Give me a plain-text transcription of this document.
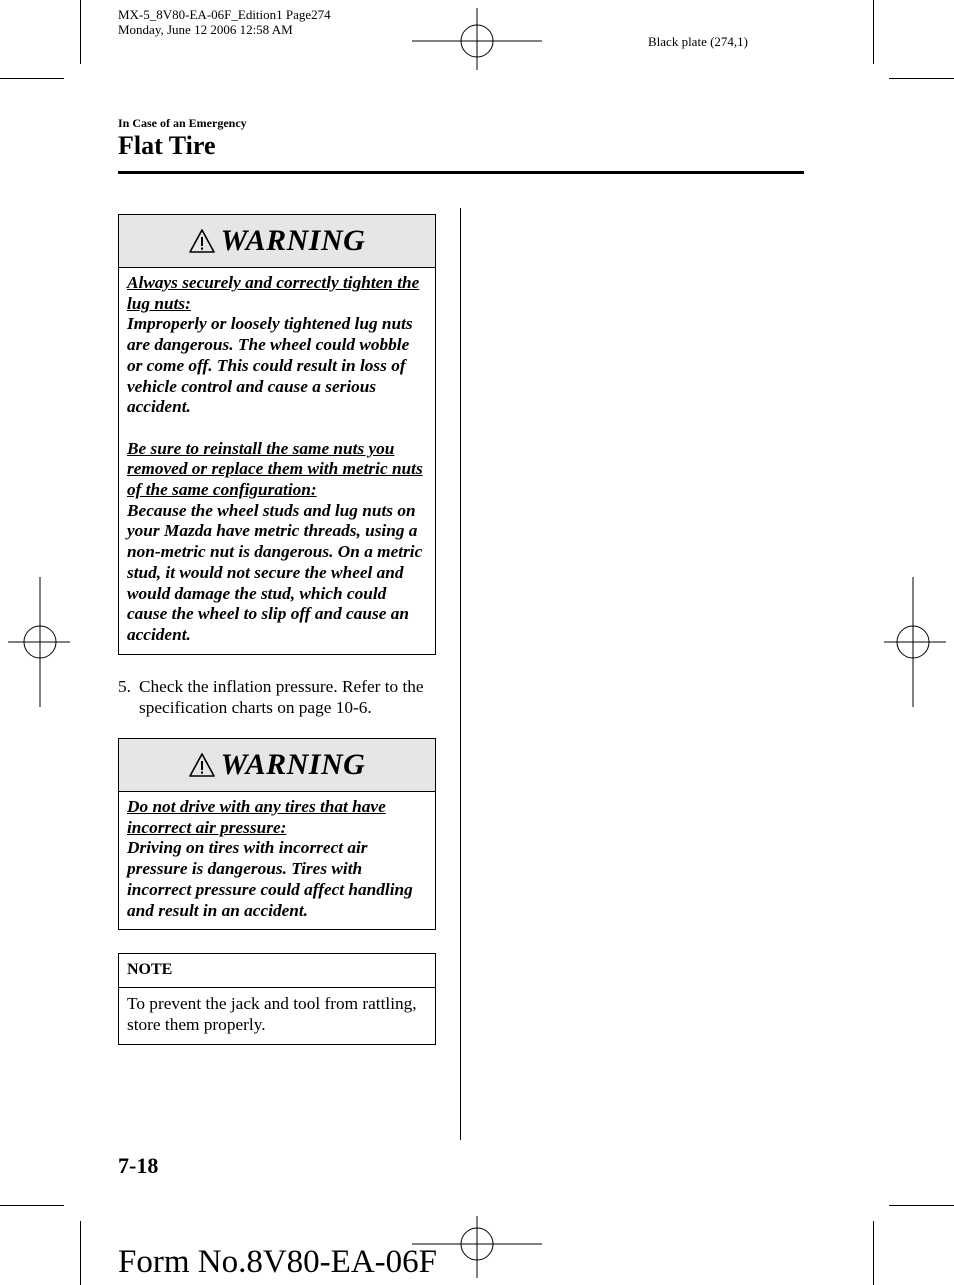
MX-5_8V80-EA-06F_Edition1 Page274
Monday, June 12 2006 12:58 AM
Black plate (274,1)
In Case of an Emergency
Flat Tire
WARNING

Always securely and correctly tighten the lug nuts:

Improperly or loosely tightened lug nuts are dangerous. The wheel could wobble or come off. This could result in loss of vehicle control and cause a serious accident.

Be sure to reinstall the same nuts you removed or replace them with metric nuts of the same configuration:

Because the wheel studs and lug nuts on your Mazda have metric threads, using a non-metric nut is dangerous. On a metric stud, it would not secure the wheel and would damage the stud, which could cause the wheel to slip off and cause an accident.

5. Check the inflation pressure. Refer to the specification charts on page 10-6.
WARNING

Do not drive with any tires that have incorrect air pressure:

Driving on tires with incorrect air pressure is dangerous. Tires with incorrect pressure could affect handling and result in an accident.

NOTE
To prevent the jack and tool from rattling, store them properly.
7-18
Form No.8V80-EA-06F
